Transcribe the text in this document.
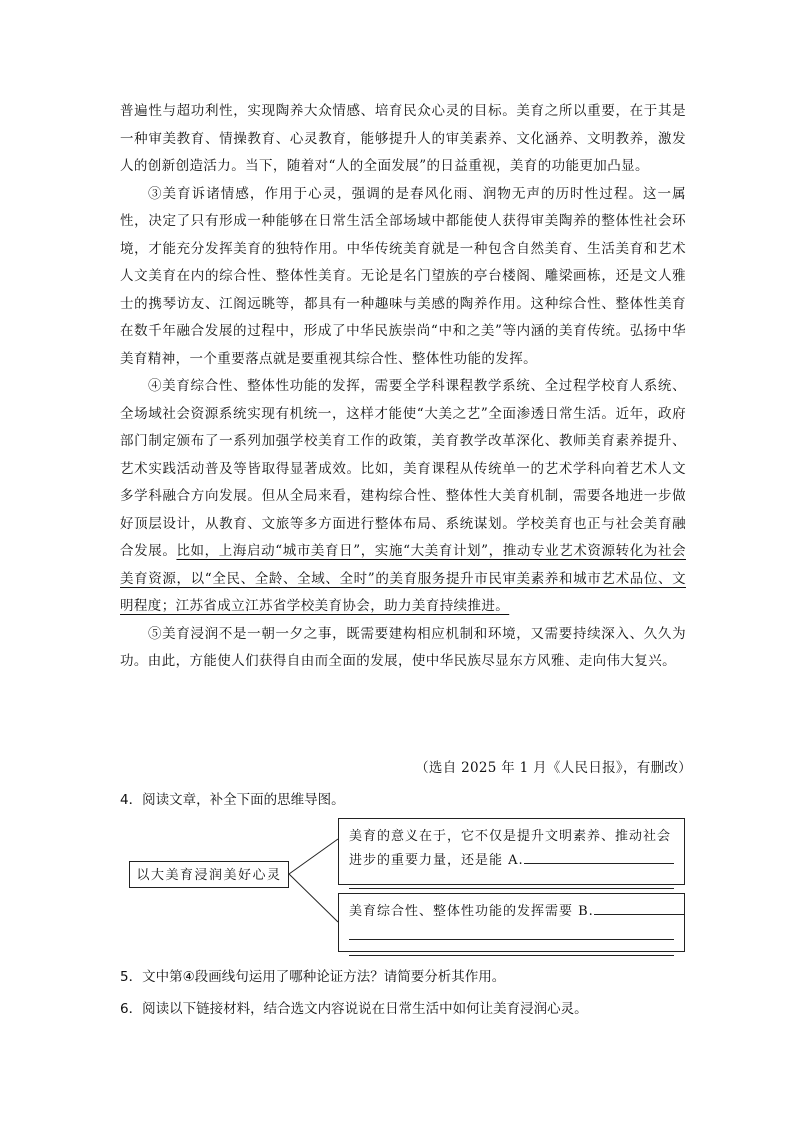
普遍性与超功利性，实现陶养大众情感、培育民众心灵的目标。美育之所以重要，在于其是一种审美教育、情操教育、心灵教育，能够提升人的审美素养、文化涵养、文明教养，激发人的创新创造活力。当下，随着对“人的全面发展”的日益重视，美育的功能更加凸显。

③美育诉诸情感，作用于心灵，强调的是春风化雨、润物无声的历时性过程。这一属性，决定了只有形成一种能够在日常生活全部场域中都能使人获得审美陶养的整体性社会环境，才能充分发挥美育的独特作用。中华传统美育就是一种包含自然美育、生活美育和艺术人文美育在内的综合性、整体性美育。无论是名门望族的亭台楼阁、雕梁画栋，还是文人雅士的携琴访友、江阁远眺等，都具有一种趣味与美感的陶养作用。这种综合性、整体性美育在数千年融合发展的过程中，形成了中华民族崇尚“中和之美”等内涵的美育传统。弘扬中华美育精神，一个重要落点就是要重视其综合性、整体性功能的发挥。

④美育综合性、整体性功能的发挥，需要全学科课程教学系统、全过程学校育人系统、全场域社会资源系统实现有机统一，这样才能使“大美之艺”全面渗透日常生活。近年，政府部门制定颁布了一系列加强学校美育工作的政策，美育教学改革深化、教师美育素养提升、艺术实践活动普及等皆取得显著成效。比如，美育课程从传统单一的艺术学科向着艺术人文多学科融合方向发展。但从全局来看，建构综合性、整体性大美育机制，需要各地进一步做好顶层设计，从教育、文旅等多方面进行整体布局、系统谋划。学校美育也正与社会美育融合发展。比如，上海启动“城市美育日”，实施“大美育计划”，推动专业艺术资源转化为社会美育资源，以“全民、全龄、全域、全时”的美育服务提升市民审美素养和城市艺术品位、文明程度；江苏省成立江苏省学校美育协会，助力美育持续推进。

⑤美育浸润不是一朝一夕之事，既需要建构相应机制和环境，又需要持续深入、久久为功。由此，方能使人们获得自由而全面的发展，使中华民族尽显东方风雅、走向伟大复兴。

（选自 2025 年 1 月《人民日报》，有删改）
4．阅读文章，补全下面的思维导图。
以大美育浸润美好心灵
美育的意义在于，它不仅是提升文明素养、推动社会
进步的重要力量，还是能 A.
美育综合性、整体性功能的发挥需要 B.
5．文中第④段画线句运用了哪种论证方法？请简要分析其作用。
6．阅读以下链接材料，结合选文内容说说在日常生活中如何让美育浸润心灵。
